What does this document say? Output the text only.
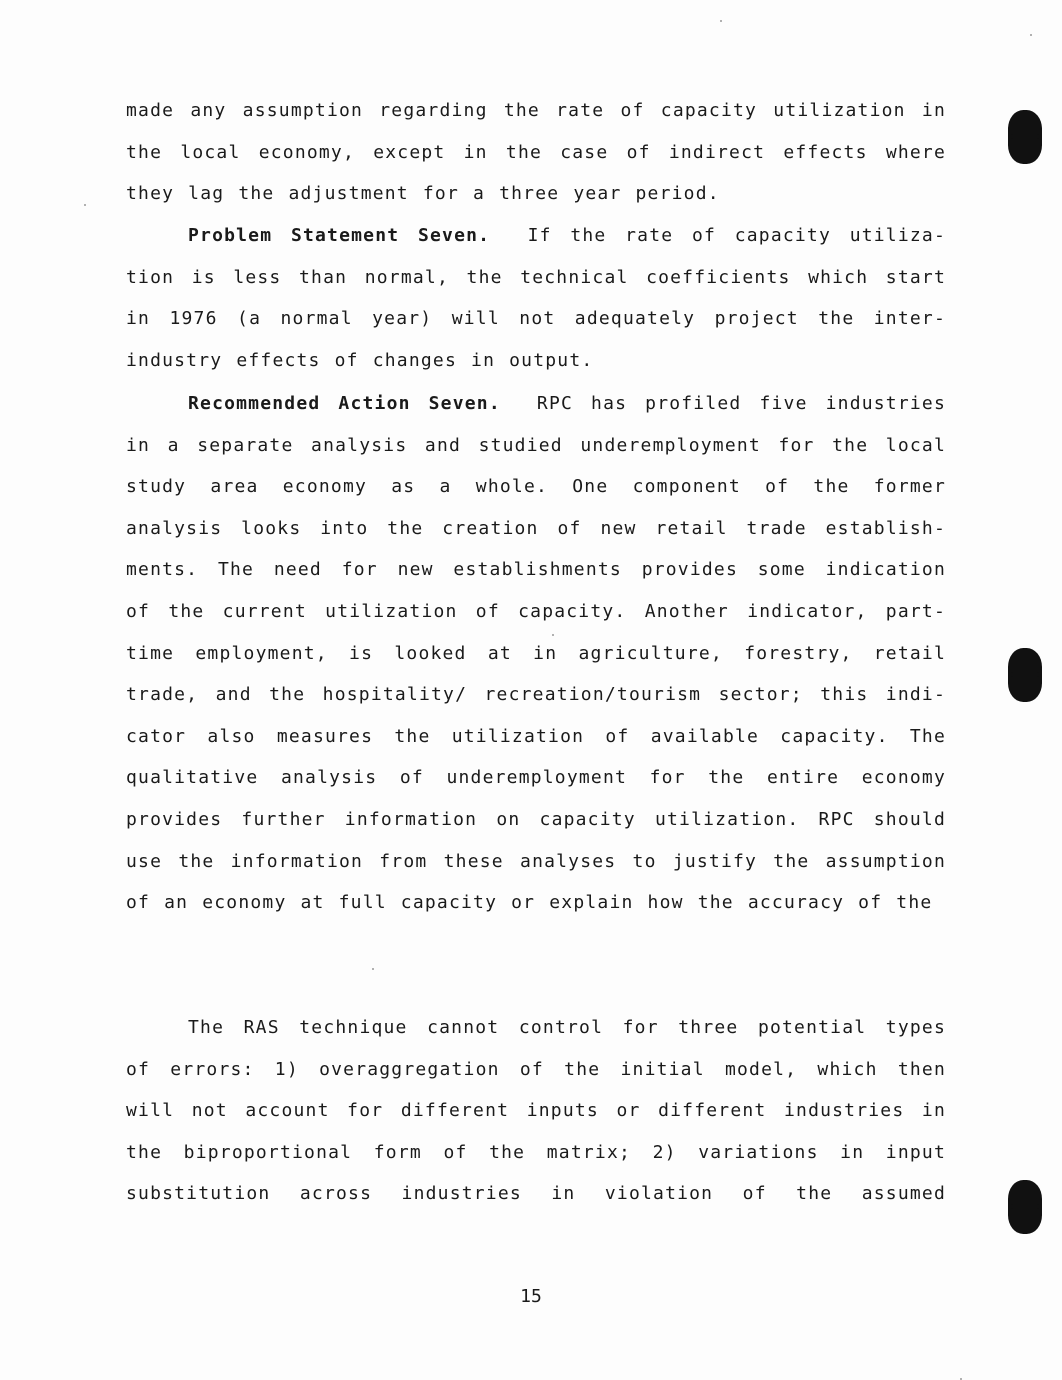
made any assumption regarding the rate of capacity utilization in
the local economy, except in the case of indirect effects where
they lag the adjustment for a three year period.
Problem Statement Seven. If the rate of capacity utiliza-
tion is less than normal, the technical coefficients which start
in 1976 (a normal year) will not adequately project the inter-
industry effects of changes in output.
Recommended Action Seven. RPC has profiled five industries
in a separate analysis and studied underemployment for the local
study area economy as a whole. One component of the former
analysis looks into the creation of new retail trade establish-
ments. The need for new establishments provides some indication
of the current utilization of capacity. Another indicator, part-
time employment, is looked at in agriculture, forestry, retail
trade, and the hospitality/ recreation/tourism sector; this indi-
cator also measures the utilization of available capacity. The
qualitative analysis of underemployment for the entire economy
provides further information on capacity utilization. RPC should
use the information from these analyses to justify the assumption
of an economy at full capacity or explain how the accuracy of the
The RAS technique cannot control for three potential types
of errors: 1) overaggregation of the initial model, which then
will not account for different inputs or different industries in
the biproportional form of the matrix; 2) variations in input
substitution across industries in violation of the assumed
15
